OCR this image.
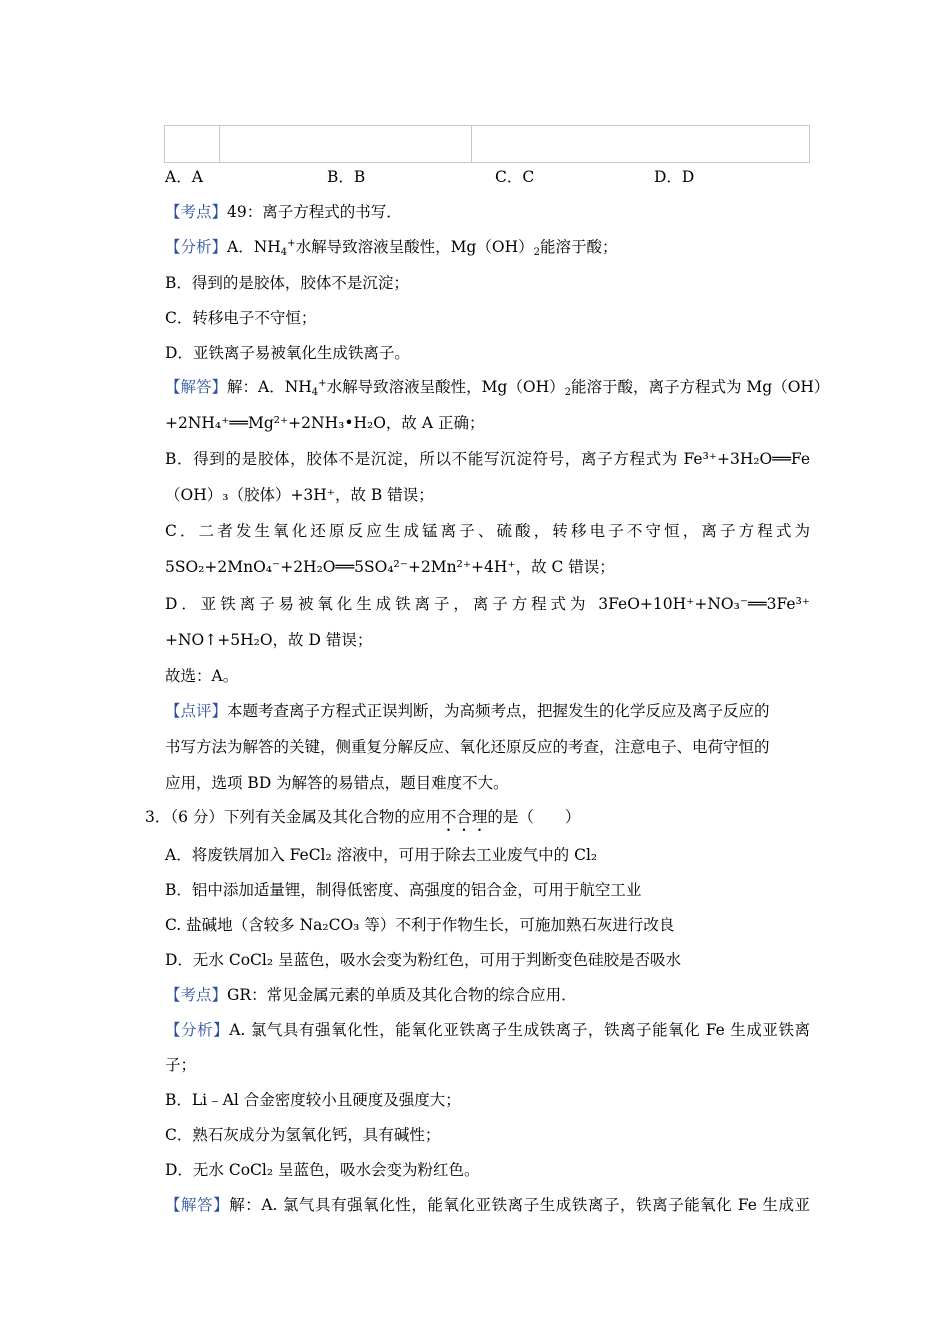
A．A	B．B	C．C	D．D
【考点】49：离子方程式的书写．
【分析】A．$NH_4^+$水解导致溶液呈酸性，$Mg(OH)_2$能溶于酸；
B．得到的是胶体，胶体不是沉淀；
C．转移电子不守恒；
D．亚铁离子易被氧化生成铁离子。
【解答】解：A．$NH_4^+$水解导致溶液呈酸性，$Mg(OH)_2$能溶于酸，离子方程式为 Mg（OH）
+2NH₄⁺══Mg²⁺+2NH₃•H₂O，故 A 正确；
B．得到的是胶体，胶体不是沉淀，所以不能写沉淀符号，离子方程式为 Fe³⁺+3H₂O══Fe
（OH）₃（胶体）+3H⁺，故 B 错误；
C．二者发生氧化还原反应生成锰离子、硫酸，转移电子不守恒，离子方程式为
5SO₂+2MnO₄⁻+2H₂O══5SO₄²⁻+2Mn²⁺+4H⁺，故 C 错误；
D．亚铁离子易被氧化生成铁离子，离子方程式为 3FeO+10H⁺+NO₃⁻══3Fe³⁺
+NO↑+5H₂O，故 D 错误；
故选：A。
【点评】本题考查离子方程式正误判断，为高频考点，把握发生的化学反应及离子反应的
书写方法为解答的关键，侧重复分解反应、氧化还原反应的考查，注意电子、电荷守恒的
应用，选项 BD 为解答的易错点，题目难度不大。
3．（6 分）下列有关金属及其化合物的应用不合理的是（　　）
A．将废铁屑加入 FeCl₂ 溶液中，可用于除去工业废气中的 Cl₂
B．铝中添加适量锂，制得低密度、高强度的铝合金，可用于航空工业
C. 盐碱地（含较多 Na₂CO₃ 等）不利于作物生长，可施加熟石灰进行改良
D．无水 CoCl₂ 呈蓝色，吸水会变为粉红色，可用于判断变色硅胶是否吸水
【考点】GR：常见金属元素的单质及其化合物的综合应用．
【分析】A. 氯气具有强氧化性，能氧化亚铁离子生成铁离子，铁离子能氧化 Fe 生成亚铁离
子；
B．Li﹣Al 合金密度较小且硬度及强度大；
C．熟石灰成分为氢氧化钙，具有碱性；
D．无水 CoCl₂ 呈蓝色，吸水会变为粉红色。
【解答】解：A. 氯气具有强氧化性，能氧化亚铁离子生成铁离子，铁离子能氧化 Fe 生成亚
